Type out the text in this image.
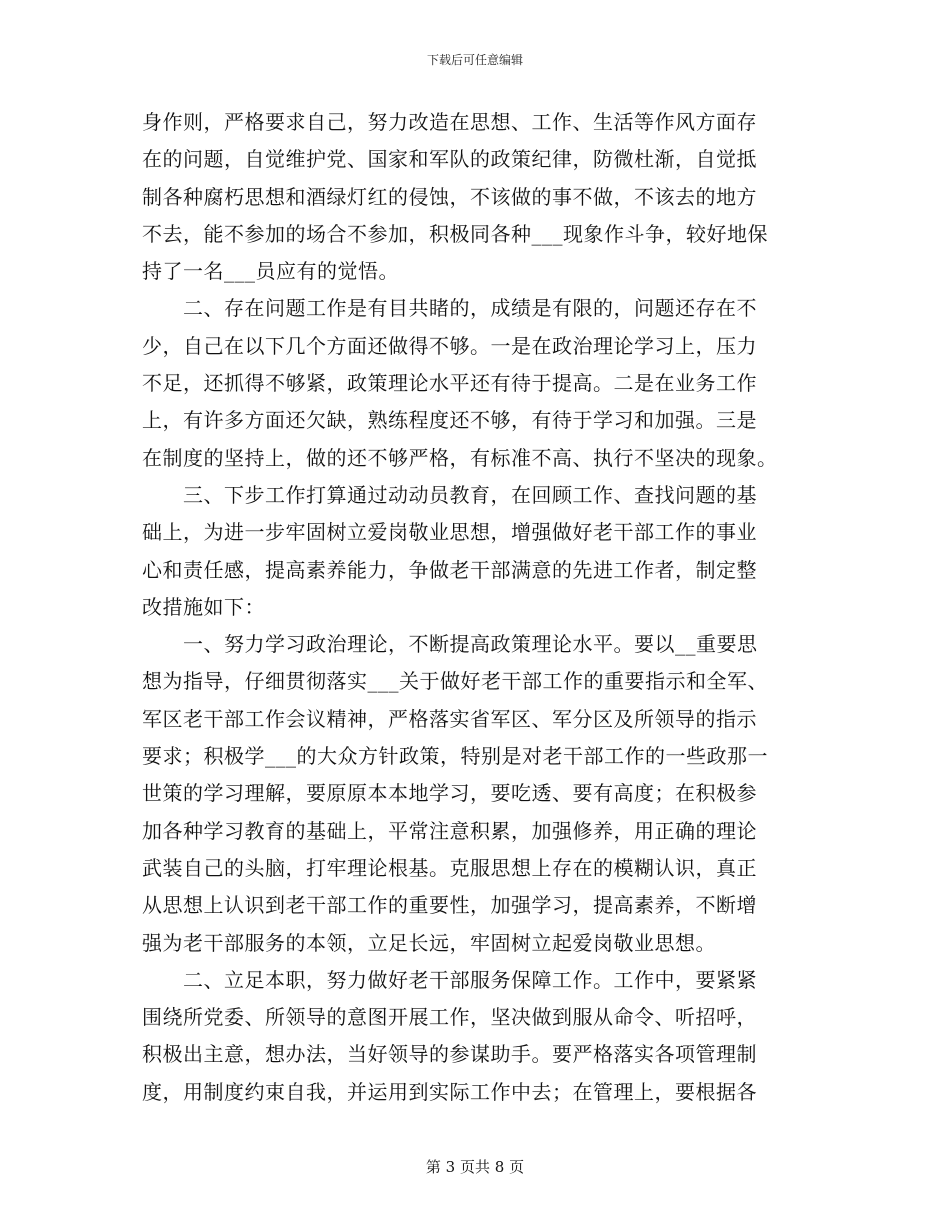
下载后可任意编辑
身作则，严格要求自己，努力改造在思想、工作、生活等作风方面存
在的问题，自觉维护党、国家和军队的政策纪律，防微杜渐，自觉抵
制各种腐朽思想和酒绿灯红的侵蚀，不该做的事不做，不该去的地方
不去，能不参加的场合不参加，积极同各种___现象作斗争，较好地保
持了一名___员应有的觉悟。
　　二、存在问题工作是有目共睹的，成绩是有限的，问题还存在不
少，自己在以下几个方面还做得不够。一是在政治理论学习上，压力
不足，还抓得不够紧，政策理论水平还有待于提高。二是在业务工作
上，有许多方面还欠缺，熟练程度还不够，有待于学习和加强。三是
在制度的坚持上，做的还不够严格，有标准不高、执行不坚决的现象。
　　三、下步工作打算通过动动员教育，在回顾工作、查找问题的基
础上，为进一步牢固树立爱岗敬业思想，增强做好老干部工作的事业
心和责任感，提高素养能力，争做老干部满意的先进工作者，制定整
改措施如下：
　　一、努力学习政治理论，不断提高政策理论水平。要以__重要思
想为指导，仔细贯彻落实___关于做好老干部工作的重要指示和全军、
军区老干部工作会议精神，严格落实省军区、军分区及所领导的指示
要求；积极学___的大众方针政策，特别是对老干部工作的一些政那一
世策的学习理解，要原原本本地学习，要吃透、要有高度；在积极参
加各种学习教育的基础上，平常注意积累，加强修养，用正确的理论
武装自己的头脑，打牢理论根基。克服思想上存在的模糊认识，真正
从思想上认识到老干部工作的重要性，加强学习，提高素养，不断增
强为老干部服务的本领，立足长远，牢固树立起爱岗敬业思想。
　　二、立足本职，努力做好老干部服务保障工作。工作中，要紧紧
围绕所党委、所领导的意图开展工作，坚决做到服从命令、听招呼，
积极出主意，想办法，当好领导的参谋助手。要严格落实各项管理制
度，用制度约束自我，并运用到实际工作中去；在管理上，要根据各
第 3 页共 8 页
